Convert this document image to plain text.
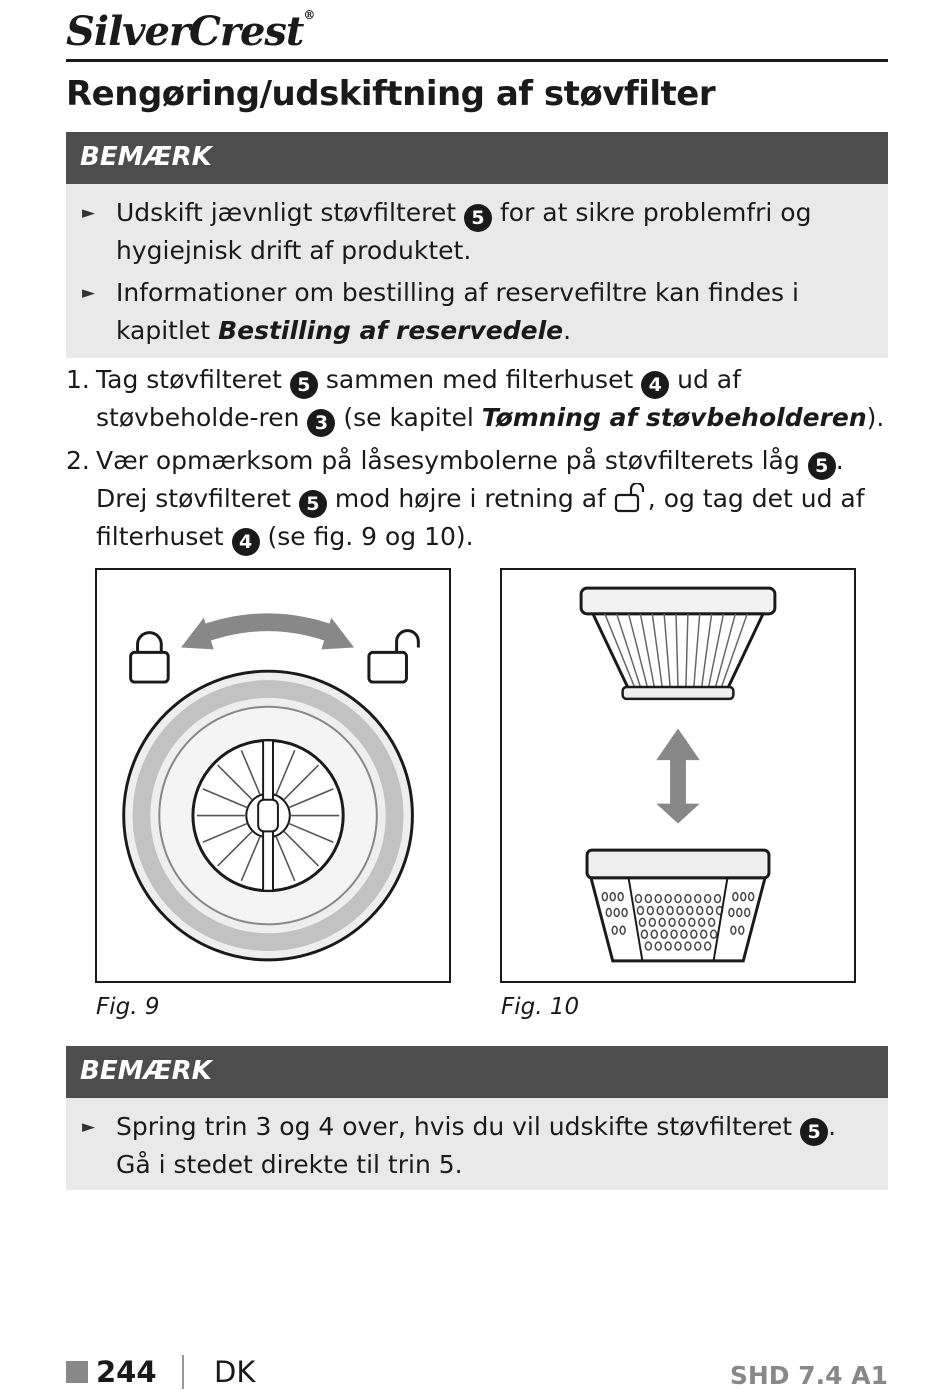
SilverCrest®
Rengøring/udskiftning af støvfilter
BEMÆRK
► Udskift jævnligt støvfilteret 5 for at sikre problemfri og hygiejnisk drift af produktet.
► Informationer om bestilling af reservefiltre kan findes i kapitlet Bestilling af reservedele.
1. Tag støvfilteret 5 sammen med filterhuset 4 ud af støvbeholde-ren 3 (se kapitel Tømning af støvbeholderen).
2. Vær opmærksom på låsesymbolerne på støvfilterets låg 5 .
Drej støvfilteret 5 mod højre i retning af , og tag det ud af filterhuset 4 (se fig. 9 og 10).
Fig. 9	Fig. 10
BEMÆRK
► Spring trin 3 og 4 over, hvis du vil udskifte støvfilteret 5 .
Gå i stedet direkte til trin 5.
244 DK	SHD 7.4 A1
